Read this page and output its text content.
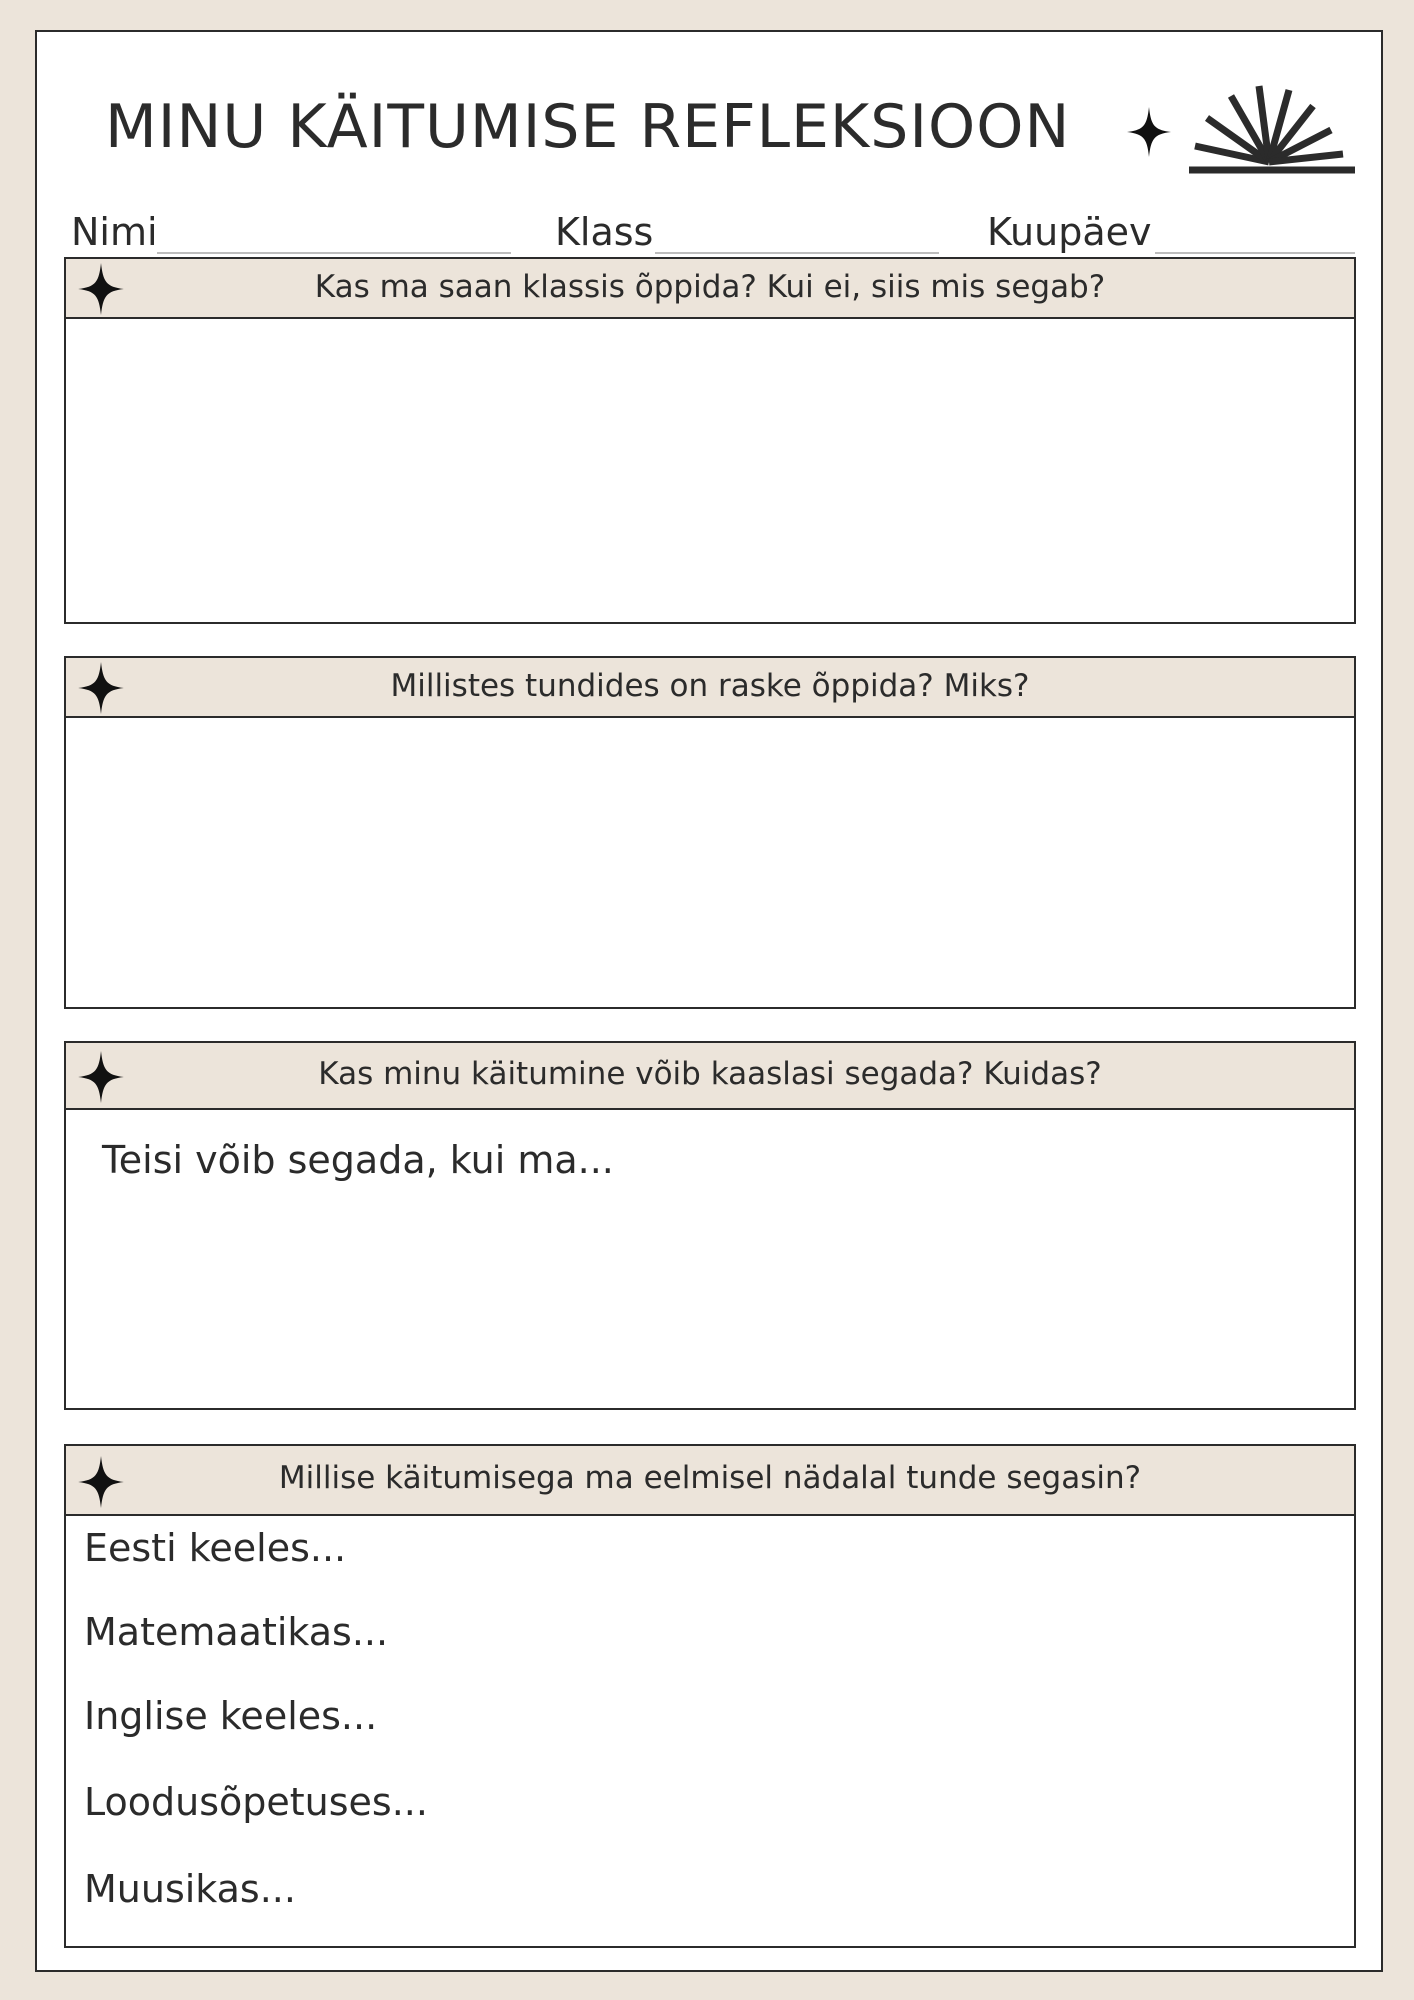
MINU KÄITUMISE REFLEKSIOON
Nimi	Klass	Kuupäev
Kas ma saan klassis õppida? Kui ei, siis mis segab?
Millistes tundides on raske õppida? Miks?
Kas minu käitumine võib kaaslasi segada? Kuidas?
Teisi võib segada, kui ma...
Millise käitumisega ma eelmisel nädalal tunde segasin?
Eesti keeles...
Matemaatikas...
Inglise keeles...
Loodusõpetuses...
Muusikas...
